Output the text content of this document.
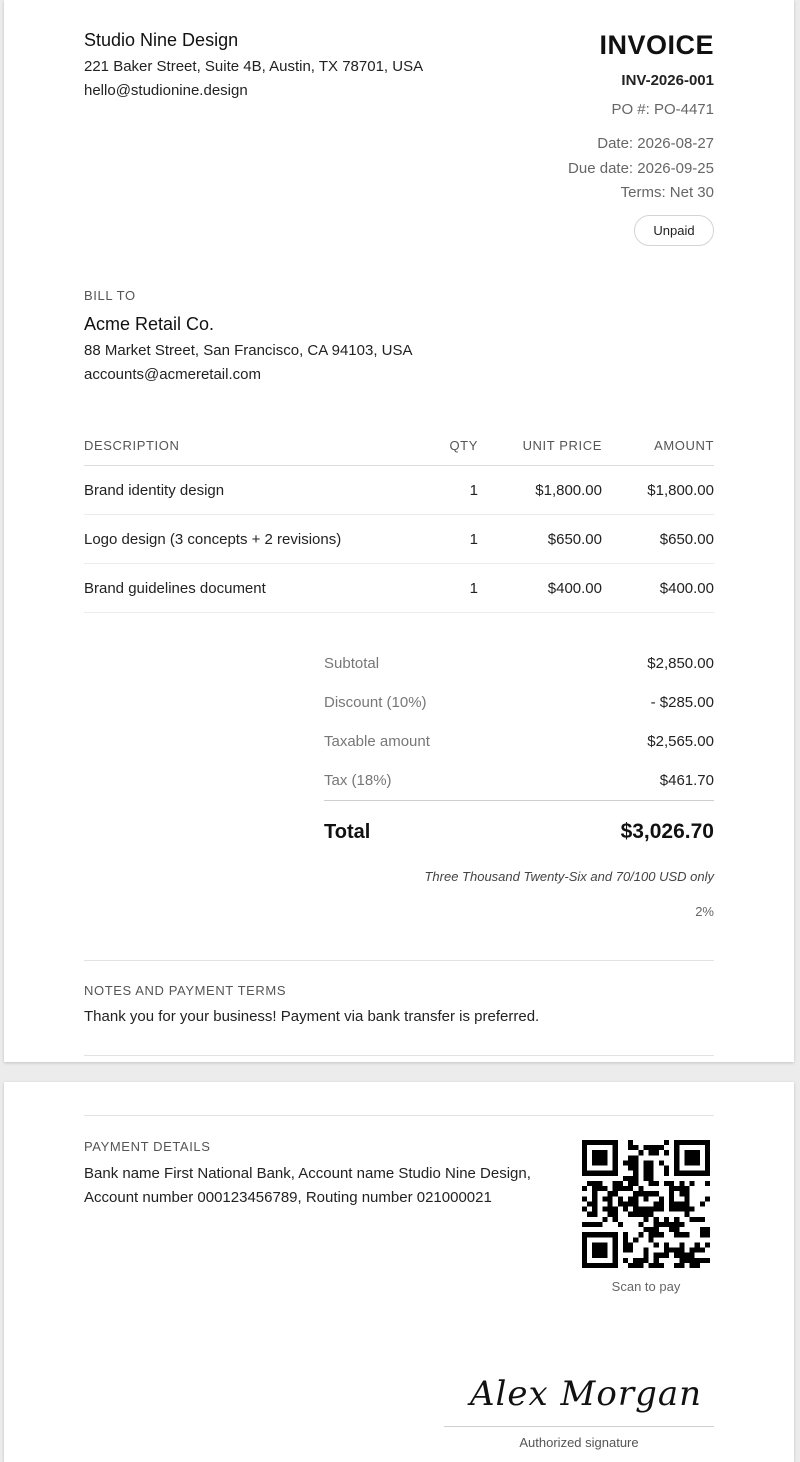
Studio Nine Design
221 Baker Street, Suite 4B, Austin, TX 78701, USA
hello@studionine.design
INVOICE
INV-2026-001
PO #: PO-4471
Date: 2026-08-27
Due date: 2026-09-25
Terms: Net 30
Unpaid
BILL TO
Acme Retail Co.
88 Market Street, San Francisco, CA 94103, USA
accounts@acmeretail.com
DESCRIPTION	QTY	UNIT PRICE	AMOUNT
Brand identity design	1	$1,800.00	$1,800.00
Logo design (3 concepts + 2 revisions)	1	$650.00	$650.00
Brand guidelines document	1	$400.00	$400.00
Subtotal	$2,850.00
Discount (10%)	- $285.00
Taxable amount	$2,565.00
Tax (18%)	$461.70
Total	$3,026.70
Three Thousand Twenty-Six and 70/100 USD only
2%
NOTES AND PAYMENT TERMS
Thank you for your business! Payment via bank transfer is preferred.
PAYMENT DETAILS
Bank name First National Bank, Account name Studio Nine Design, Account number 000123456789, Routing number 021000021
Scan to pay
Alex Morgan
Authorized signature
